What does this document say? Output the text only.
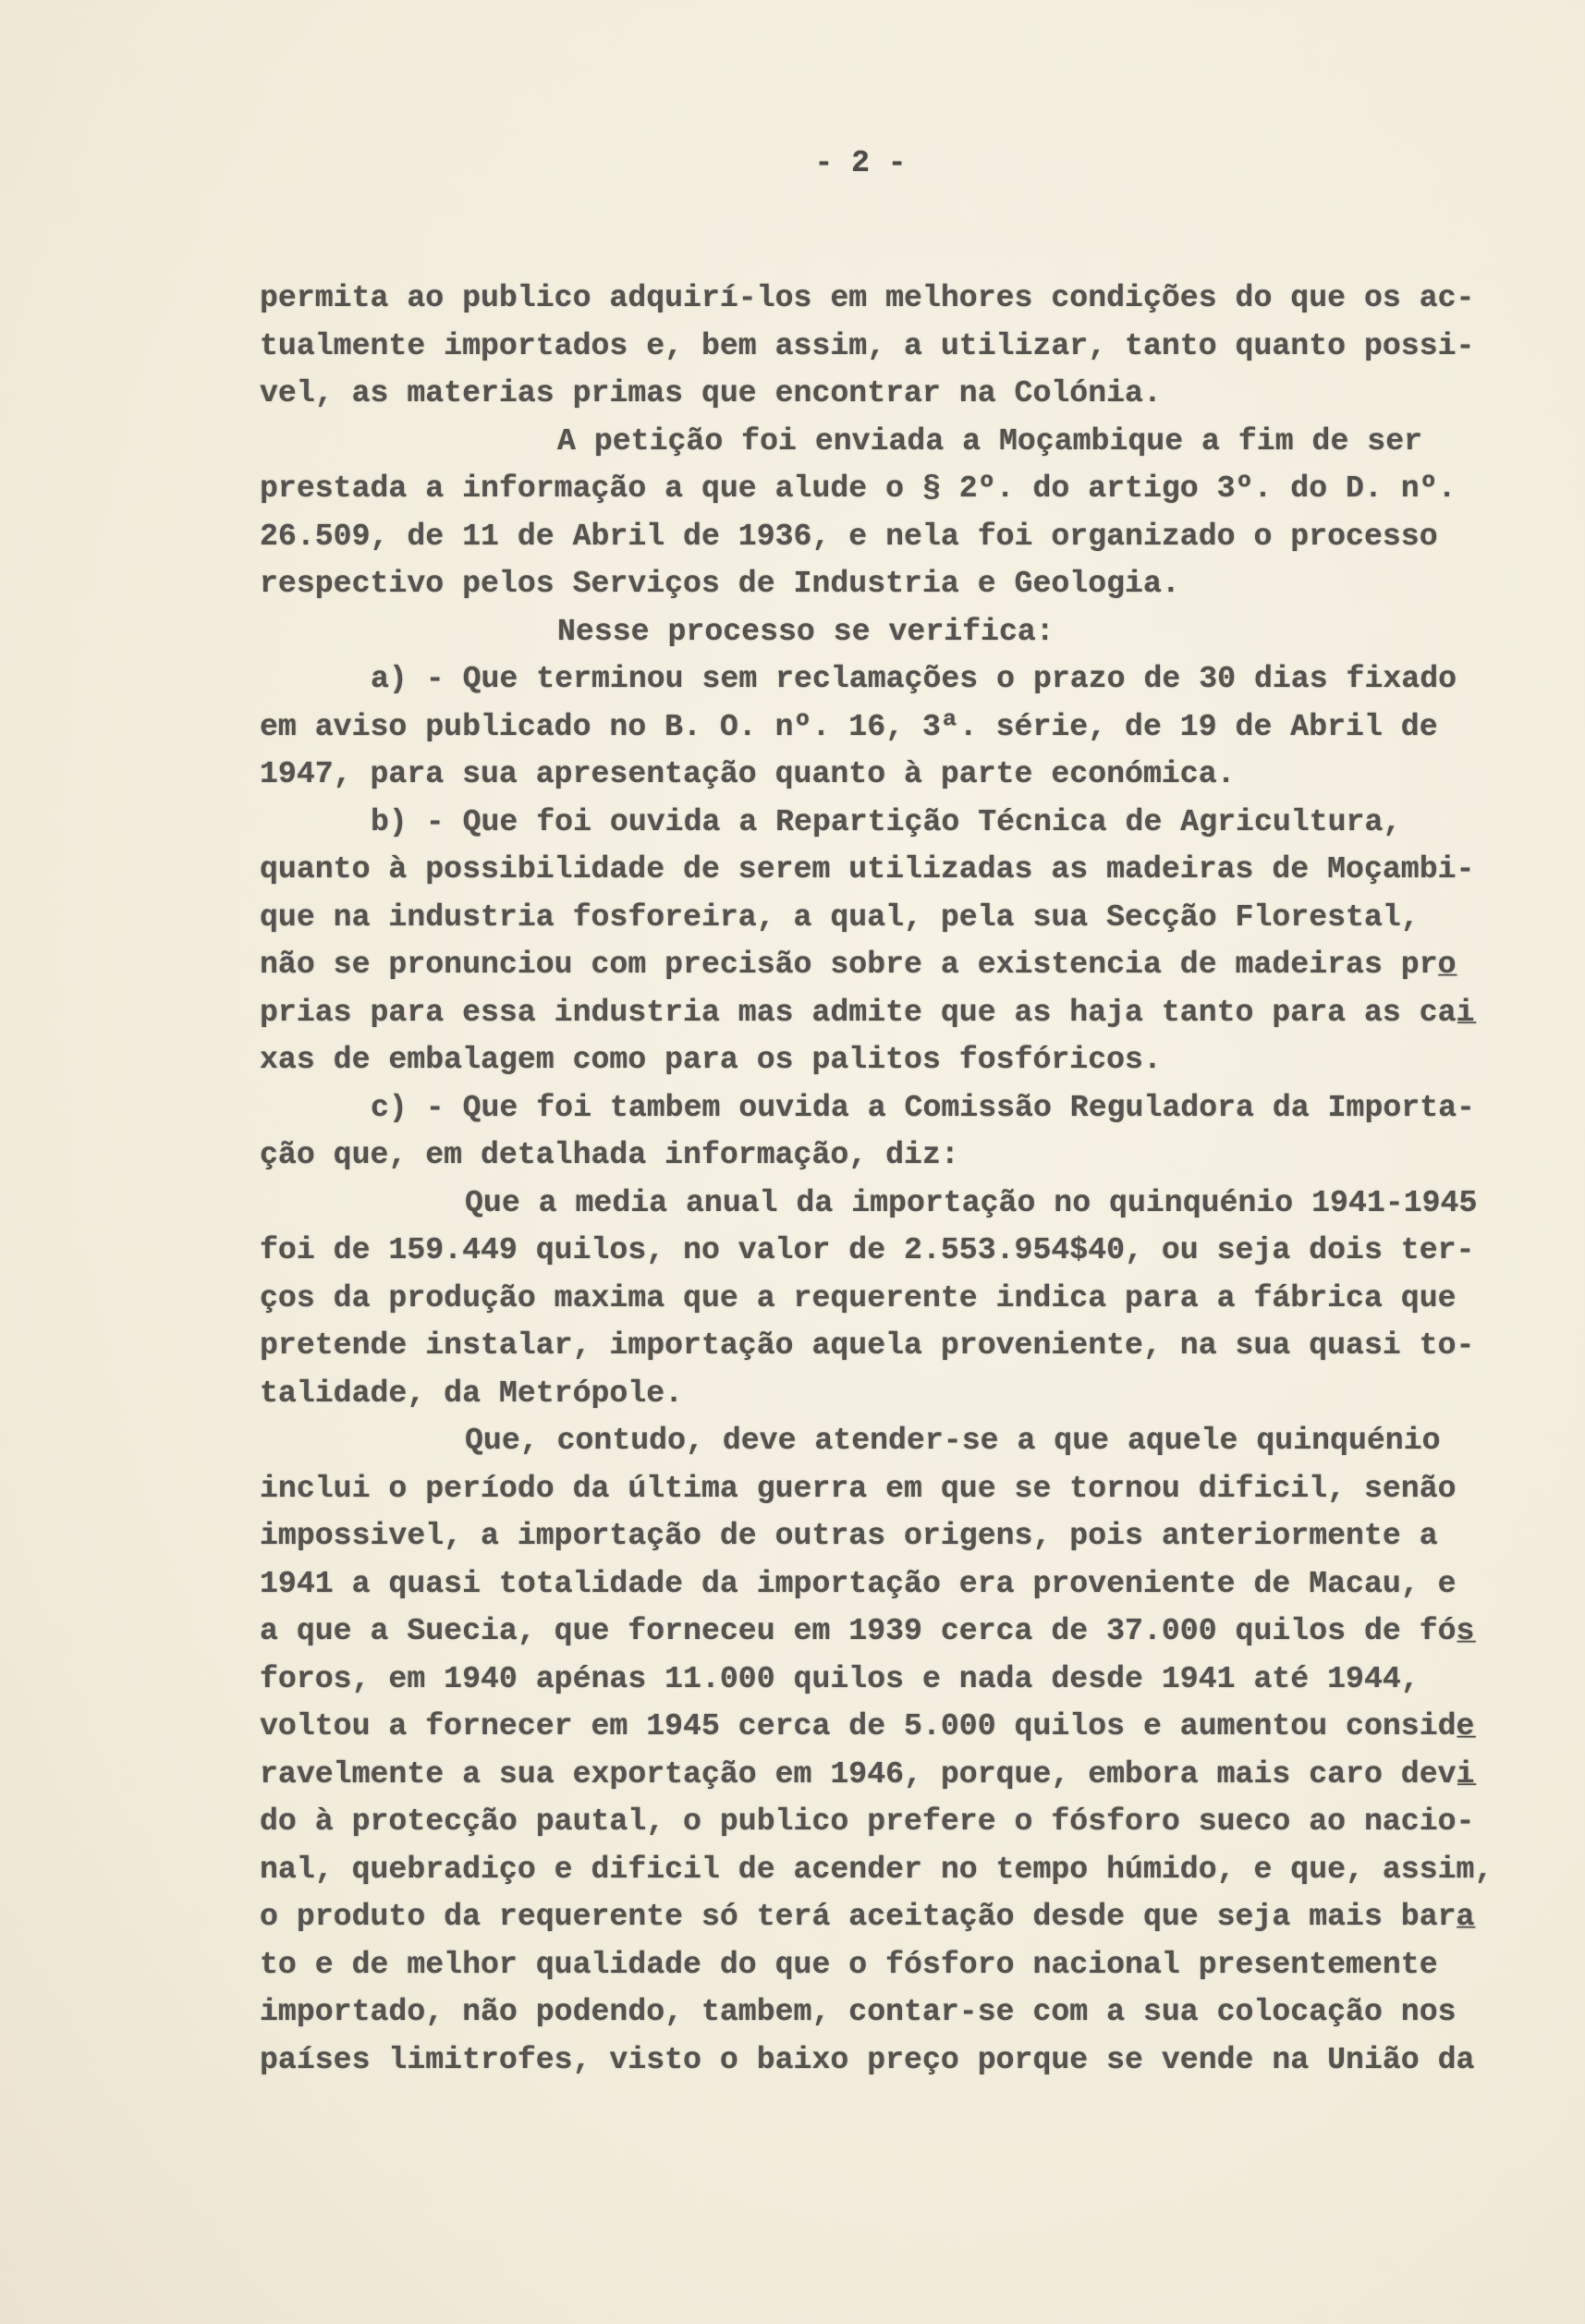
- 2 -
permita ao publico adquirí-los em melhores condições do que os ac-
tualmente importados e, bem assim, a utilizar, tanto quanto possi-
vel, as materias primas que encontrar na Colónia.
A petição foi enviada a Moçambique a fim de ser
prestada a informação a que alude o § 2º. do artigo 3º. do D. nº.
26.509, de 11 de Abril de 1936, e nela foi organizado o processo
respectivo pelos Serviços de Industria e Geologia.
Nesse processo se verifica:
a) - Que terminou sem reclamações o prazo de 30 dias fixado
em aviso publicado no B. O. nº. 16, 3ª. série, de 19 de Abril de
1947, para sua apresentação quanto à parte económica.
b) - Que foi ouvida a Repartição Técnica de Agricultura,
quanto à possibilidade de serem utilizadas as madeiras de Moçambi-
que na industria fosforeira, a qual, pela sua Secção Florestal,
não se pronunciou com precisão sobre a existencia de madeiras pro̲
prias para essa industria mas admite que as haja tanto para as cai̲
xas de embalagem como para os palitos fosfóricos.
c) - Que foi tambem ouvida a Comissão Reguladora da Importa-
ção que, em detalhada informação, diz:
Que a media anual da importação no quinquénio 1941-1945
foi de 159.449 quilos, no valor de 2.553.954$40, ou seja dois ter-
ços da produção maxima que a requerente indica para a fábrica que
pretende instalar, importação aquela proveniente, na sua quasi to-
talidade, da Metrópole.
Que, contudo, deve atender-se a que aquele quinquénio
inclui o período da última guerra em que se tornou dificil, senão
impossivel, a importação de outras origens, pois anteriormente a
1941 a quasi totalidade da importação era proveniente de Macau, e
a que a Suecia, que forneceu em 1939 cerca de 37.000 quilos de fós̲
foros, em 1940 apénas 11.000 quilos e nada desde 1941 até 1944,
voltou a fornecer em 1945 cerca de 5.000 quilos e aumentou conside̲
ravelmente a sua exportação em 1946, porque, embora mais caro devi̲
do à protecção pautal, o publico prefere o fósforo sueco ao nacio-
nal, quebradiço e dificil de acender no tempo húmido, e que, assim,
o produto da requerente só terá aceitação desde que seja mais bara̲
to e de melhor qualidade do que o fósforo nacional presentemente
importado, não podendo, tambem, contar-se com a sua colocação nos
países limitrofes, visto o baixo preço porque se vende na União da
